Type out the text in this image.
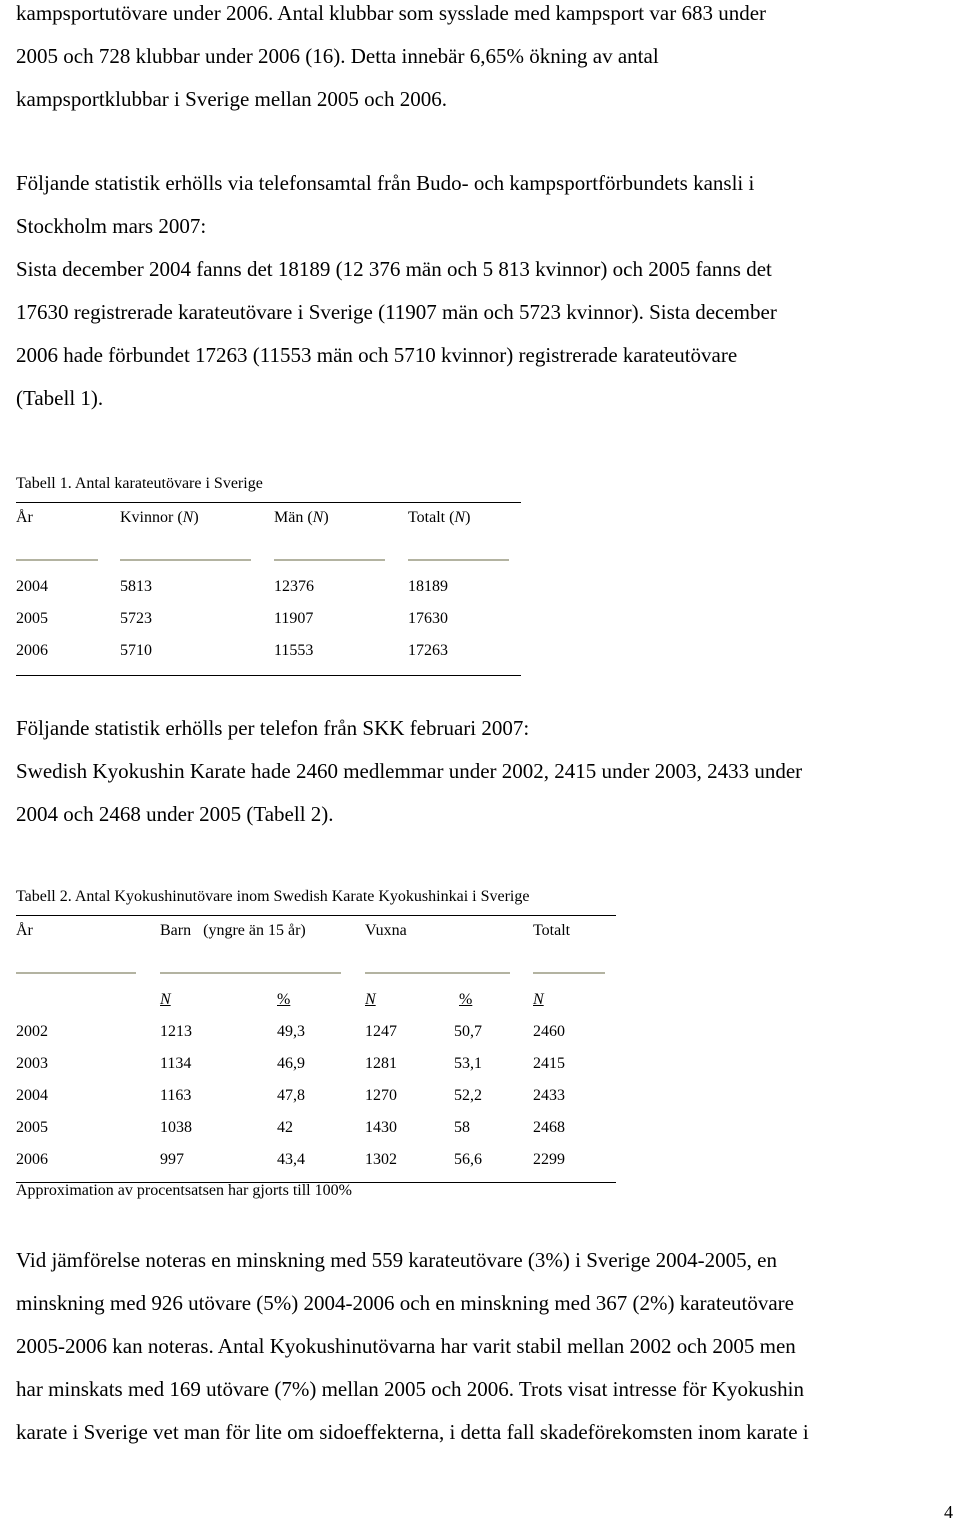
kampsportutövare under 2006. Antal klubbar som sysslade med kampsport var 683 under
2005 och 728 klubbar under 2006 (16). Detta innebär 6,65% ökning av antal
kampsportklubbar i Sverige mellan 2005 och 2006.
Följande statistik erhölls via telefonsamtal från Budo- och kampsportförbundets kansli i
Stockholm mars 2007:
Sista december 2004 fanns det 18189 (12 376 män och 5 813 kvinnor) och 2005 fanns det
17630 registrerade karateutövare i Sverige (11907 män och 5723 kvinnor). Sista december
2006 hade förbundet 17263 (11553 män och 5710 kvinnor) registrerade karateutövare
(Tabell 1).
Tabell 1. Antal karateutövare i Sverige
År	Kvinnor (N)	Män (N)	Totalt (N)

2004	5813	12376	18189
2005	5723	11907	17630
2006	5710	11553	17263

Följande statistik erhölls per telefon från SKK februari 2007:
Swedish Kyokushin Karate hade 2460 medlemmar under 2002, 2415 under 2003, 2433 under
2004 och 2468 under 2005 (Tabell 2).
Tabell 2. Antal Kyokushinutövare inom Swedish Karate Kyokushinkai i Sverige
År	Barn (yngre än 15 år)		Vuxna		Totalt

	N	%	N	%	N
2002	1213	49,3	1247	50,7	2460
2003	1134	46,9	1281	53,1	2415
2004	1163	47,8	1270	52,2	2433
2005	1038	42	1430	58	2468
2006	997	43,4	1302	56,6	2299

Approximation av procentsatsen har gjorts till 100%
Vid jämförelse noteras en minskning med 559 karateutövare (3%) i Sverige 2004-2005, en
minskning med 926 utövare (5%) 2004-2006 och en minskning med 367 (2%) karateutövare
2005-2006 kan noteras. Antal Kyokushinutövarna har varit stabil mellan 2002 och 2005 men
har minskats med 169 utövare (7%) mellan 2005 och 2006. Trots visat intresse för Kyokushin
karate i Sverige vet man för lite om sidoeffekterna, i detta fall skadeförekomsten inom karate i
4
